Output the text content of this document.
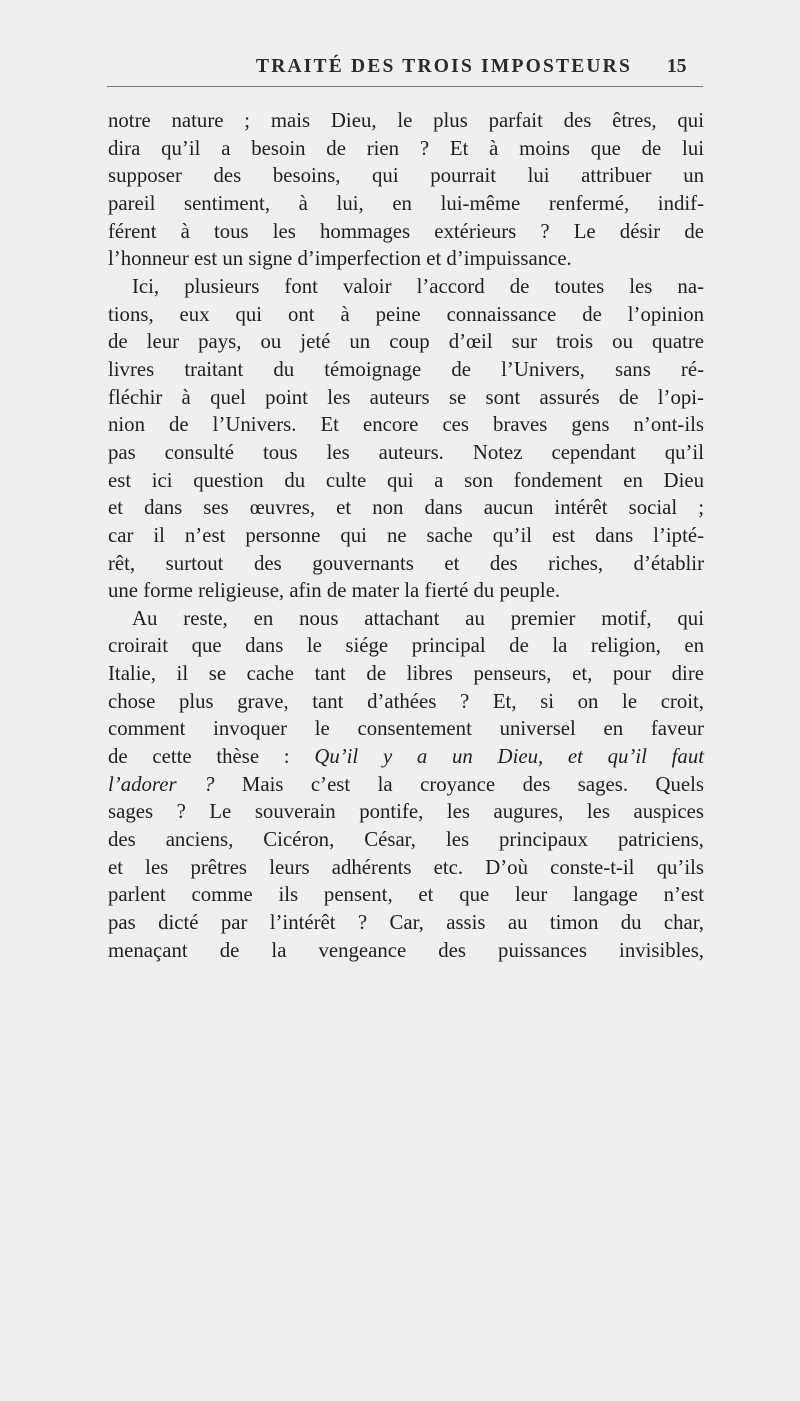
TRAITÉ DES TROIS IMPOSTEURS 15
notre nature ; mais Dieu, le plus parfait des êtres, qui
dira qu’il a besoin de rien ? Et à moins que de lui
supposer des besoins, qui pourrait lui attribuer un
pareil sentiment, à lui, en lui-même renfermé, indif-
férent à tous les hommages extérieurs ? Le désir de
l’honneur est un signe d’imperfection et d’impuissance.
Ici, plusieurs font valoir l’accord de toutes les na-
tions, eux qui ont à peine connaissance de l’opinion
de leur pays, ou jeté un coup d’œil sur trois ou quatre
livres traitant du témoignage de l’Univers, sans ré-
fléchir à quel point les auteurs se sont assurés de l’opi-
nion de l’Univers. Et encore ces braves gens n’ont-ils
pas consulté tous les auteurs. Notez cependant qu’il
est ici question du culte qui a son fondement en Dieu
et dans ses œuvres, et non dans aucun intérêt social ;
car il n’est personne qui ne sache qu’il est dans l’ipté-
rêt, surtout des gouvernants et des riches, d’établir
une forme religieuse, afin de mater la fierté du peuple.
Au reste, en nous attachant au premier motif, qui
croirait que dans le siége principal de la religion, en
Italie, il se cache tant de libres penseurs, et, pour dire
chose plus grave, tant d’athées ? Et, si on le croit,
comment invoquer le consentement universel en faveur
de cette thèse : Qu’il y a un Dieu, et qu’il faut
l’adorer ? Mais c’est la croyance des sages. Quels
sages ? Le souverain pontife, les augures, les auspices
des anciens, Cicéron, César, les principaux patriciens,
et les prêtres leurs adhérents etc. D’où conste-t-il qu’ils
parlent comme ils pensent, et que leur langage n’est
pas dicté par l’intérêt ? Car, assis au timon du char,
menaçant de la vengeance des puissances invisibles,
